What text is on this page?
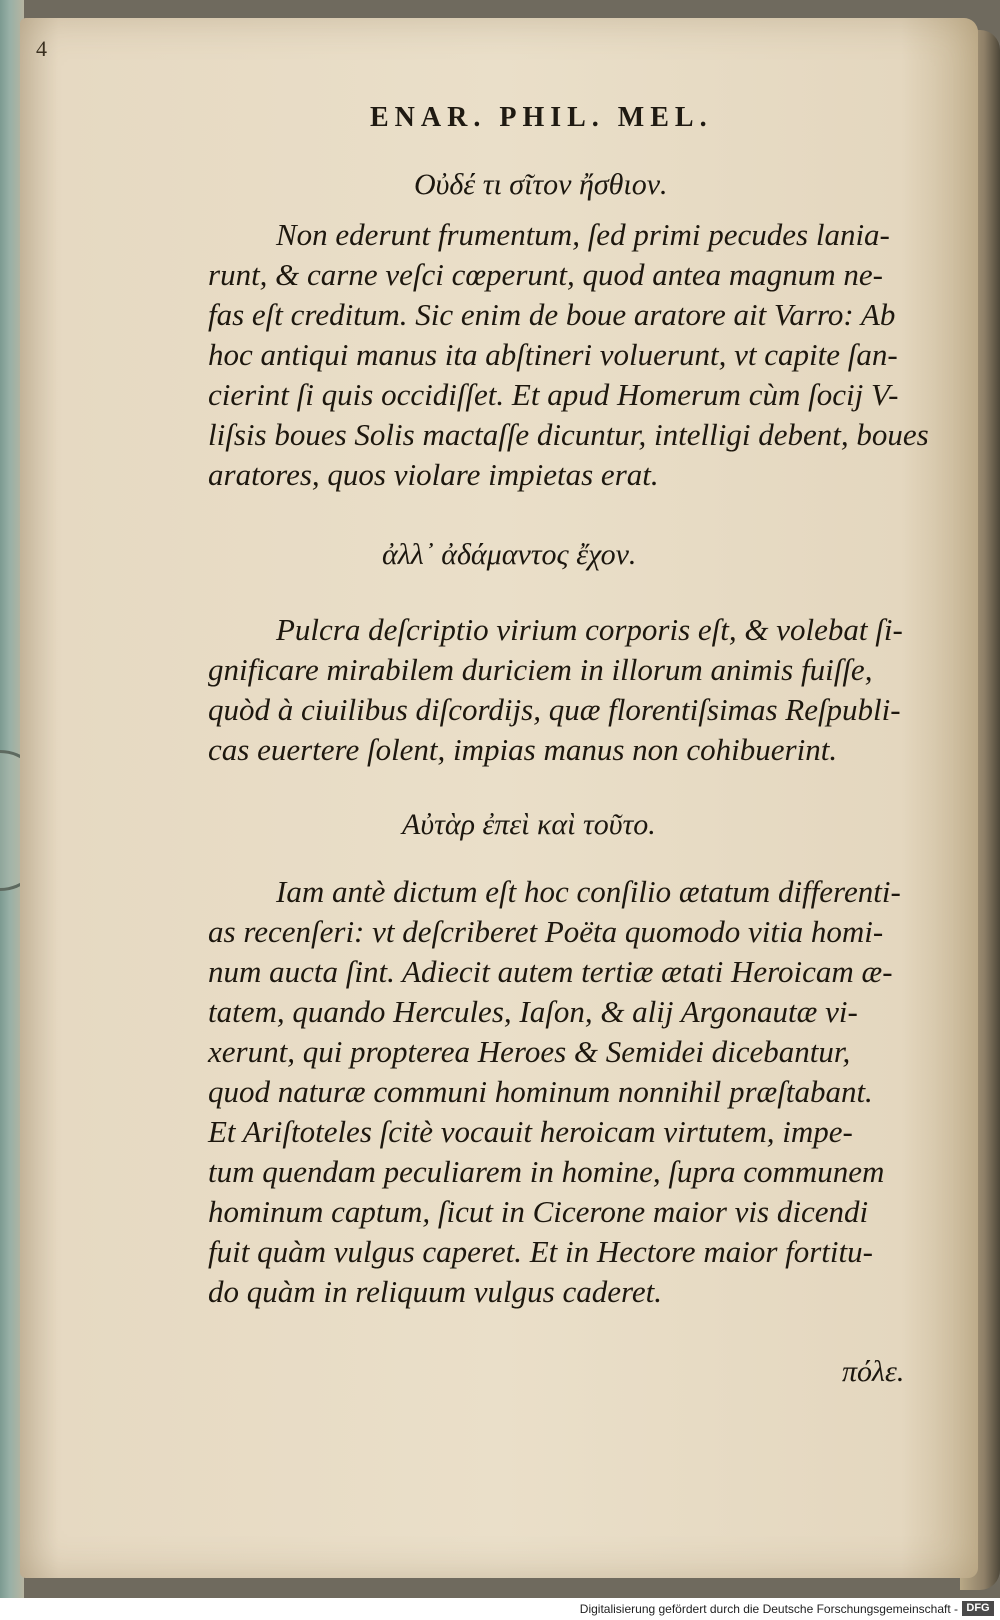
4
ENAR. PHIL. MEL.
Οὐδέ τι σῖτον ἤσθιον.
Non ederunt frumentum, ſed primi pecudes lania-
runt, & carne veſci cœperunt, quod antea magnum ne-
fas eſt creditum. Sic enim de boue aratore ait Varro: Ab
hoc antiqui manus ita abſtineri voluerunt, vt capite ſan-
cierint ſi quis occidiſſet. Et apud Homerum cùm ſocij V-
liſsis boues Solis mactaſſe dicuntur, intelligi debent, boues
aratores, quos violare impietas erat.
ἀλλ᾽ ἀδάμαντος ἔχον.
Pulcra deſcriptio virium corporis eſt, & volebat ſi-
gnificare mirabilem duriciem in illorum animis fuiſſe,
quòd à ciuilibus diſcordijs, quæ florentiſsimas Reſpubli-
cas euertere ſolent, impias manus non cohibuerint.
Αὐτὰρ ἐπεὶ καὶ τοῦτο.
Iam antè dictum eſt hoc conſilio ætatum differenti-
as recenſeri: vt deſcriberet Poëta quomodo vitia homi-
num aucta ſint. Adiecit autem tertiæ ætati Heroicam æ-
tatem, quando Hercules, Iaſon, & alij Argonautæ vi-
xerunt, qui propterea Heroes & Semidei dicebantur,
quod naturæ communi hominum nonnihil præſtabant.
Et Ariſtoteles ſcitè vocauit heroicam virtutem, impe-
tum quendam peculiarem in homine, ſupra communem
hominum captum, ſicut in Cicerone maior vis dicendi
fuit quàm vulgus caperet. Et in Hectore maior fortitu-
do quàm in reliquum vulgus caderet.
πόλε.
Digitalisierung gefördert durch die Deutsche Forschungsgemeinschaft - DFG
